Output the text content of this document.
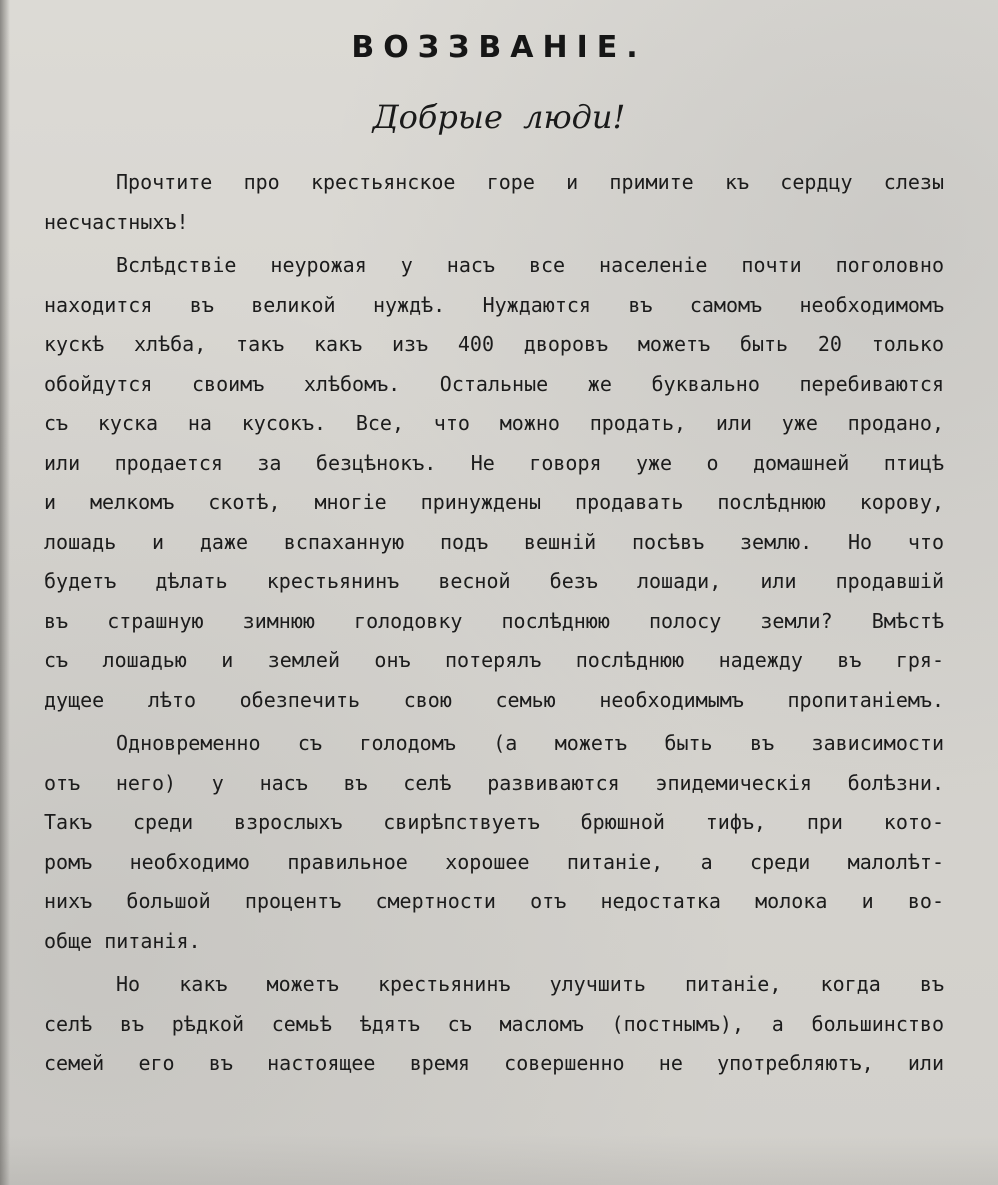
ВОЗЗВАНIЕ.
Добрые люди!
Прочтите про крестьянское горе и примите къ сердцу слезы
несчастныхъ!
Вслѣдствiе неурожая у насъ все населенiе почти поголовно
находится въ великой нуждѣ. Нуждаются въ самомъ необходимомъ
кускѣ хлѣба, такъ какъ изъ 400 дворовъ можетъ быть 20 только
обойдутся своимъ хлѣбомъ. Остальные же буквально перебиваются
съ куска на кусокъ. Все, что можно продать, или уже продано,
или продается за безцѣнокъ. Не говоря уже о домашней птицѣ
и мелкомъ скотѣ, многiе принуждены продавать послѣднюю корову,
лошадь и даже вспаханную подъ вешнiй посѣвъ землю. Но что
будетъ дѣлать крестьянинъ весной безъ лошади, или продавшiй
въ страшную зимнюю голодовку послѣднюю полосу земли? Вмѣстѣ
съ лошадью и землей онъ потерялъ послѣднюю надежду въ гря-
дущее лѣто обезпечить свою семью необходимымъ пропитанiемъ.
Одновременно съ голодомъ (а можетъ быть въ зависимости
отъ него) у насъ въ селѣ развиваются эпидемическiя болѣзни.
Такъ среди взрослыхъ свирѣпствуетъ брюшной тифъ, при кото-
ромъ необходимо правильное хорошее питанiе, а среди малолѣт-
нихъ большой процентъ смертности отъ недостатка молока и во-
обще питанiя.
Но какъ можетъ крестьянинъ улучшить питанiе, когда въ
селѣ въ рѣдкой семьѣ ѣдятъ съ масломъ (постнымъ), а большинство
семей его въ настоящее время совершенно не употребляютъ, или
